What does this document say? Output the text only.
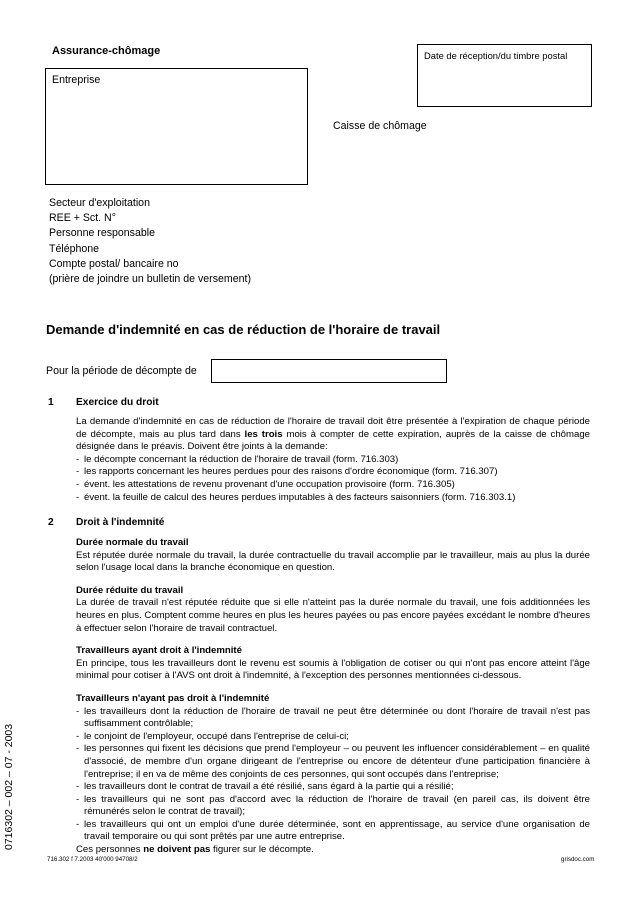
Assurance-chômage
Entreprise
Date de réception/du timbre postal
Caisse de chômage
Secteur d'exploitation
REE + Sct. N°
Personne responsable
Téléphone
Compte postal/ bancaire no
(prière de joindre un bulletin de versement)
Demande d'indemnité en cas de réduction de l'horaire de travail
Pour la période de décompte de
1 Exercice du droit
La demande d'indemnité en cas de réduction de l'horaire de travail doit être présentée à l'expiration de chaque période de décompte, mais au plus tard dans les trois mois à compter de cette expiration, auprès de la caisse de chômage désignée dans le préavis. Doivent être joints à la demande:
- le décompte concernant la réduction de l'horaire de travail (form. 716.303)
- les rapports concernant les heures perdues pour des raisons d'ordre économique (form. 716.307)
- évent. les attestations de revenu provenant d'une occupation provisoire (form. 716.305)
- évent. la feuille de calcul des heures perdues imputables à des facteurs saisonniers (form. 716.303.1)
2 Droit à l'indemnité
Durée normale du travail
Est réputée durée normale du travail, la durée contractuelle du travail accomplie par le travailleur, mais au plus la durée selon l'usage local dans la branche économique en question.
Durée réduite du travail
La durée de travail n'est réputée réduite que si elle n'atteint pas la durée normale du travail, une fois additionnées les heures en plus. Comptent comme heures en plus les heures payées ou pas encore payées excédant le nombre d'heures à effectuer selon l'horaire de travail contractuel.
Travailleurs ayant droit à l'indemnité
En principe, tous les travailleurs dont le revenu est soumis à l'obligation de cotiser ou qui n'ont pas encore atteint l'âge minimal pour cotiser à l'AVS ont droit à l'indemnité, à l'exception des personnes mentionnées ci-dessous.
Travailleurs n'ayant pas droit à l'indemnité
- les travailleurs dont la réduction de l'horaire de travail ne peut être déterminée ou dont l'horaire de travail n'est pas suffisamment contrôlable;
- le conjoint de l'employeur, occupé dans l'entreprise de celui-ci;
- les personnes qui fixent les décisions que prend l'employeur – ou peuvent les influencer considérablement – en qualité d'associé, de membre d'un organe dirigeant de l'entreprise ou encore de détenteur d'une participation financière à l'entreprise; il en va de même des conjoints de ces personnes, qui sont occupés dans l'entreprise;
- les travailleurs dont le contrat de travail a été résilié, sans égard à la partie qui a résilié;
- les travailleurs qui ne sont pas d'accord avec la réduction de l'horaire de travail (en pareil cas, ils doivent être rémunérés selon le contrat de travail);
- les travailleurs qui ont un emploi d'une durée déterminée, sont en apprentissage, au service d'une organisation de travail temporaire ou qui sont prêtés par une autre entreprise.
Ces personnes ne doivent pas figurer sur le décompte.
716.302 f 7.2003 40'000 94708/2	grisdoc.com
0716302 – 002 – 07 - 2003
